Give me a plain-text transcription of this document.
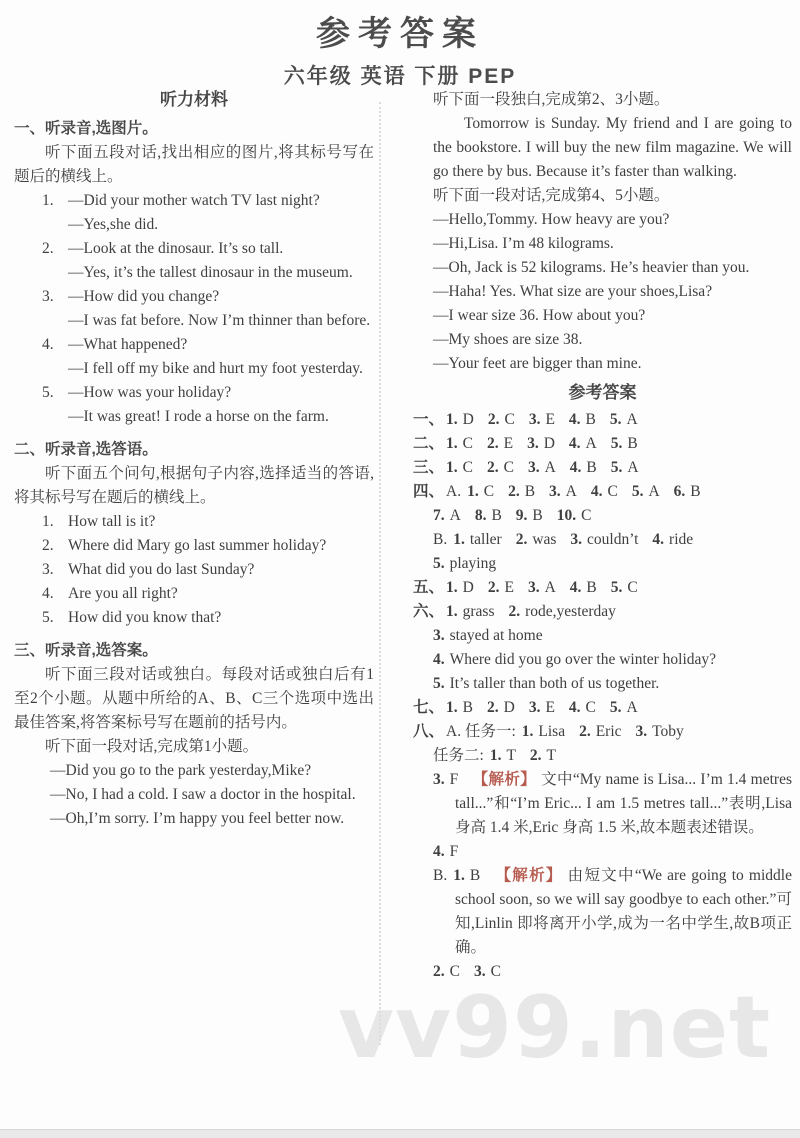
vv99.net
参考答案
六年级 英语 下册 PEP
听力材料
一、听录音,选图片。
听下面五段对话,找出相应的图片,将其标号写在题后的横线上。
1. —Did your mother watch TV last night?
—Yes,she did.
2. —Look at the dinosaur. It’s so tall.
—Yes, it’s the tallest dinosaur in the museum.
3. —How did you change?
—I was fat before. Now I’m thinner than before.
4. —What happened?
—I fell off my bike and hurt my foot yesterday.
5. —How was your holiday?
—It was great! I rode a horse on the farm.
二、听录音,选答语。
听下面五个问句,根据句子内容,选择适当的答语,将其标号写在题后的横线上。
1. How tall is it?
2. Where did Mary go last summer holiday?
3. What did you do last Sunday?
4. Are you all right?
5. How did you know that?
三、听录音,选答案。
听下面三段对话或独白。每段对话或独白后有1至2个小题。从题中所给的A、B、C三个选项中选出最佳答案,将答案标号写在题前的括号内。
听下面一段对话,完成第1小题。
—Did you go to the park yesterday,Mike?
—No, I had a cold. I saw a doctor in the hospital.
—Oh,I’m sorry. I’m happy you feel better now.
听下面一段独白,完成第2、3小题。
Tomorrow is Sunday. My friend and I are going to the bookstore. I will buy the new film magazine. We will go there by bus. Because it’s faster than walking.
听下面一段对话,完成第4、5小题。
—Hello,Tommy. How heavy are you?
—Hi,Lisa. I’m 48 kilograms.
—Oh, Jack is 52 kilograms. He’s heavier than you.
—Haha! Yes. What size are your shoes,Lisa?
—I wear size 36. How about you?
—My shoes are size 38.
—Your feet are bigger than mine.
参考答案
一、 1. D 2. C 3. E 4. B 5. A
二、 1. C 2. E 3. D 4. A 5. B
三、 1. C 2. C 3. A 4. B 5. A
四、 A. 1. C 2. B 3. A 4. C 5. A 6. B
7. A 8. B 9. B 10. C
B. 1. taller 2. was 3. couldn’t 4. ride
5. playing
五、 1. D 2. E 3. A 4. B 5. C
六、 1. grass 2. rode,yesterday
3. stayed at home
4. Where did you go over the winter holiday?
5. It’s taller than both of us together.
七、 1. B 2. D 3. E 4. C 5. A
八、 A. 任务一: 1. Lisa 2. Eric 3. Toby
任务二: 1. T 2. T
3. F 【解析】 文中“My name is Lisa... I’m 1.4 metres tall...”和“I’m Eric... I am 1.5 metres tall...”表明,Lisa 身高 1.4 米,Eric 身高 1.5 米,故本题表述错误。
4. F
B. 1. B 【解析】 由短文中“We are going to middle school soon, so we will say goodbye to each other.”可知,Linlin 即将离开小学,成为一名中学生,故B项正确。
2. C 3. C
